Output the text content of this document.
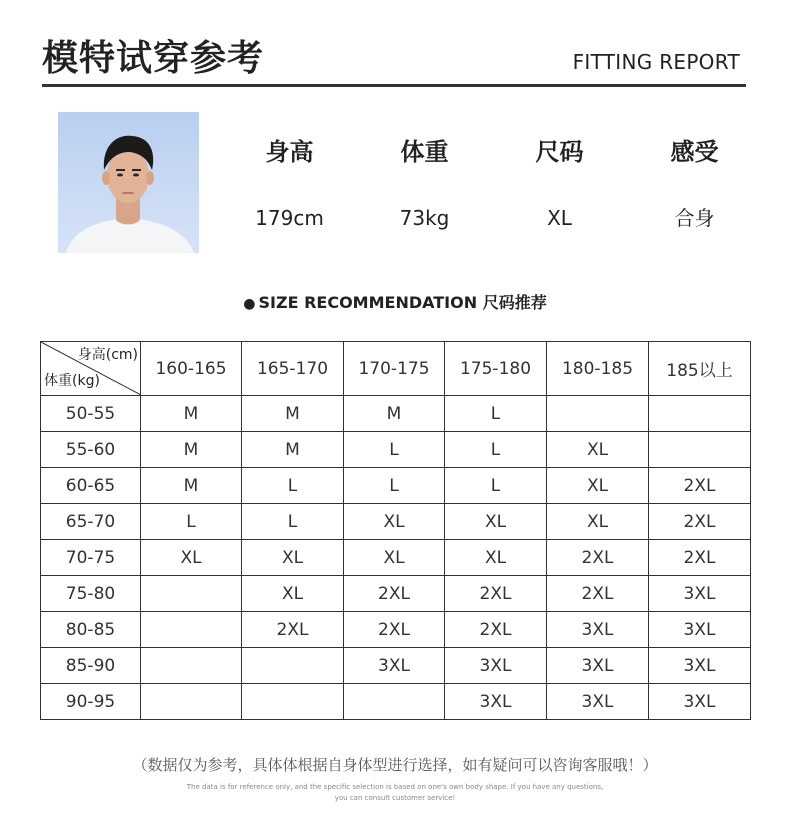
模特试穿参考	FITTING REPORT
身高	体重	尺码	感受
179cm	73kg	XL	合身
● SIZE RECOMMENDATION 尺码推荐
身高(cm)
体重(kg)	160-165	165-170	170-175	175-180	180-185	185以上
50-55	M	M	M	L		
55-60	M	M	L	L	XL	
60-65	M	L	L	L	XL	2XL
65-70	L	L	XL	XL	XL	2XL
70-75	XL	XL	XL	XL	2XL	2XL
75-80		XL	2XL	2XL	2XL	3XL
80-85		2XL	2XL	2XL	3XL	3XL
85-90			3XL	3XL	3XL	3XL
90-95				3XL	3XL	3XL
（数据仅为参考，具体体根据自身体型进行选择，如有疑问可以咨询客服哦！）
The data is for reference only, and the specific selection is based on one's own body shape. If you have any questions,
you can consult customer service!
